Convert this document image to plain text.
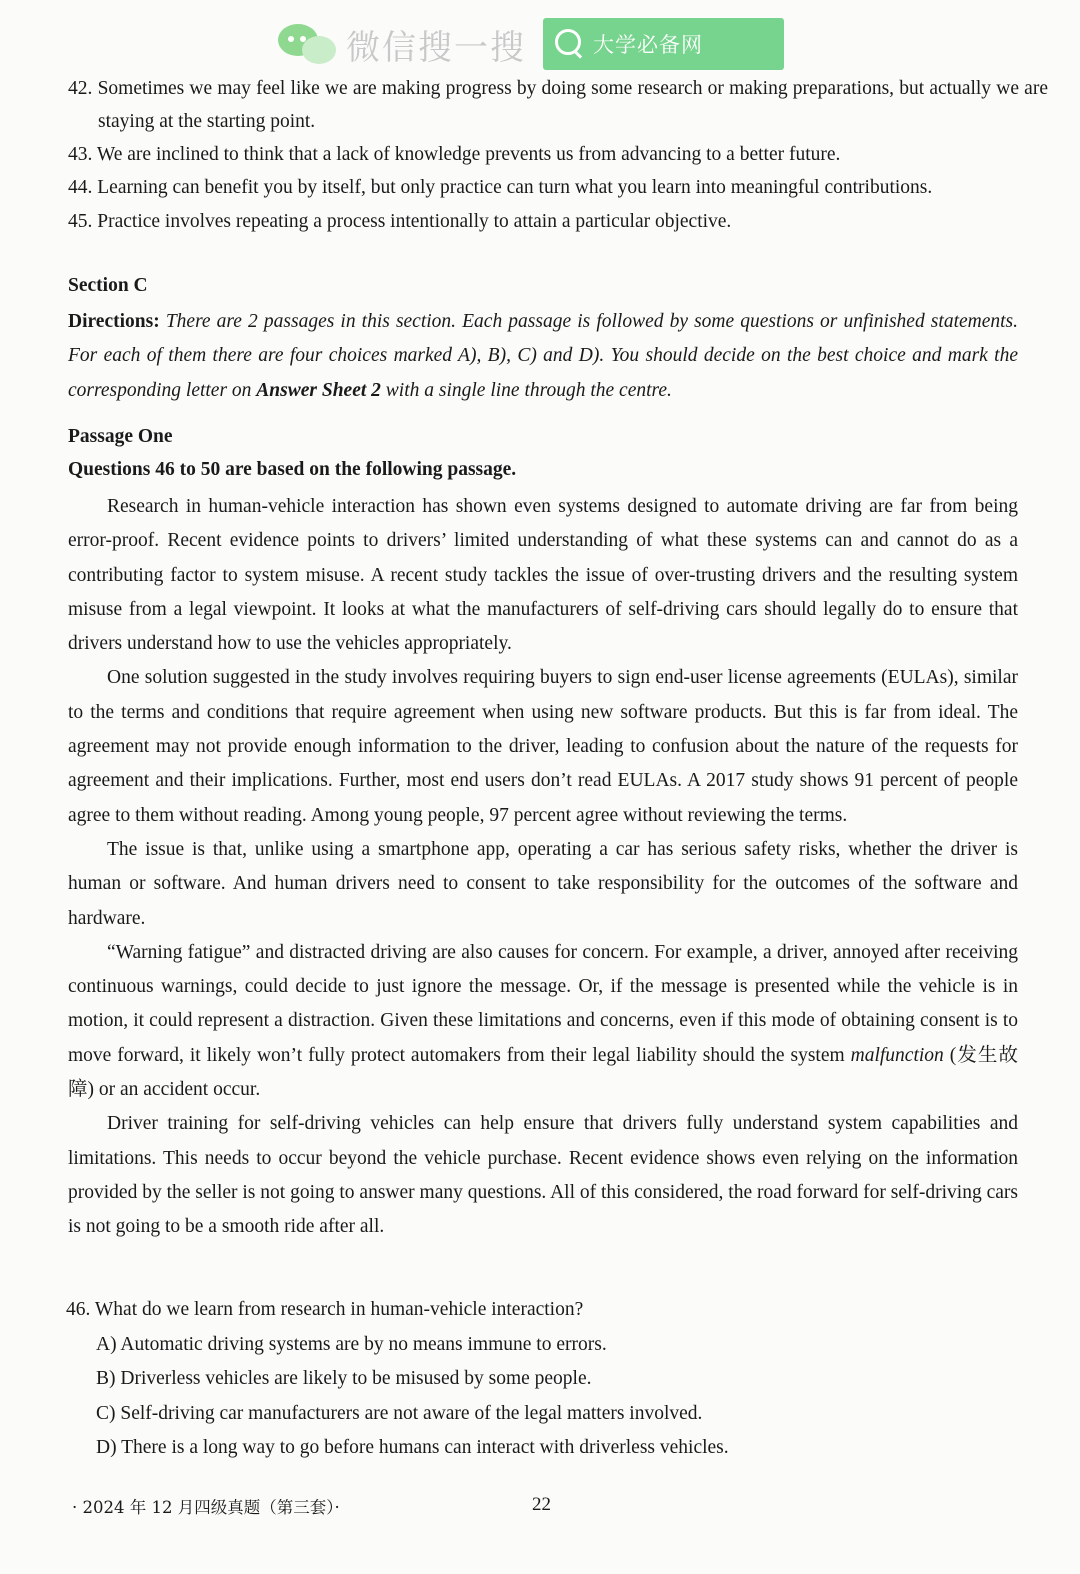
微信搜一搜	大学必备网
42. Sometimes we may feel like we are making progress by doing some research or making preparations, but actually we are staying at the starting point.
43. We are inclined to think that a lack of knowledge prevents us from advancing to a better future.
44. Learning can benefit you by itself, but only practice can turn what you learn into meaningful contributions.
45. Practice involves repeating a process intentionally to attain a particular objective.
Section C
Directions: There are 2 passages in this section. Each passage is followed by some questions or unfinished statements. For each of them there are four choices marked A), B), C) and D). You should decide on the best choice and mark the corresponding letter on Answer Sheet 2 with a single line through the centre.
Passage One
Questions 46 to 50 are based on the following passage.

Research in human-vehicle interaction has shown even systems designed to automate driving are far from being error-proof. Recent evidence points to drivers’ limited understanding of what these systems can and cannot do as a contributing factor to system misuse. A recent study tackles the issue of over-trusting drivers and the resulting system misuse from a legal viewpoint. It looks at what the manufacturers of self-driving cars should legally do to ensure that drivers understand how to use the vehicles appropriately.

One solution suggested in the study involves requiring buyers to sign end-user license agreements (EULAs), similar to the terms and conditions that require agreement when using new software products. But this is far from ideal. The agreement may not provide enough information to the driver, leading to confusion about the nature of the requests for agreement and their implications. Further, most end users don’t read EULAs. A 2017 study shows 91 percent of people agree to them without reading. Among young people, 97 percent agree without reviewing the terms.

The issue is that, unlike using a smartphone app, operating a car has serious safety risks, whether the driver is human or software. And human drivers need to consent to take responsibility for the outcomes of the software and hardware.

“Warning fatigue” and distracted driving are also causes for concern. For example, a driver, annoyed after receiving continuous warnings, could decide to just ignore the message. Or, if the message is presented while the vehicle is in motion, it could represent a distraction. Given these limitations and concerns, even if this mode of obtaining consent is to move forward, it likely won’t fully protect automakers from their legal liability should the system malfunction (发生故障) or an accident occur.

Driver training for self-driving vehicles can help ensure that drivers fully understand system capabilities and limitations. This needs to occur beyond the vehicle purchase. Recent evidence shows even relying on the information provided by the seller is not going to answer many questions. All of this considered, the road forward for self-driving cars is not going to be a smooth ride after all.

46. What do we learn from research in human-vehicle interaction?
A) Automatic driving systems are by no means immune to errors.
B) Driverless vehicles are likely to be misused by some people.
C) Self-driving car manufacturers are not aware of the legal matters involved.
D) There is a long way to go before humans can interact with driverless vehicles.
· 2024 年 12 月四级真题（第三套）·	22
